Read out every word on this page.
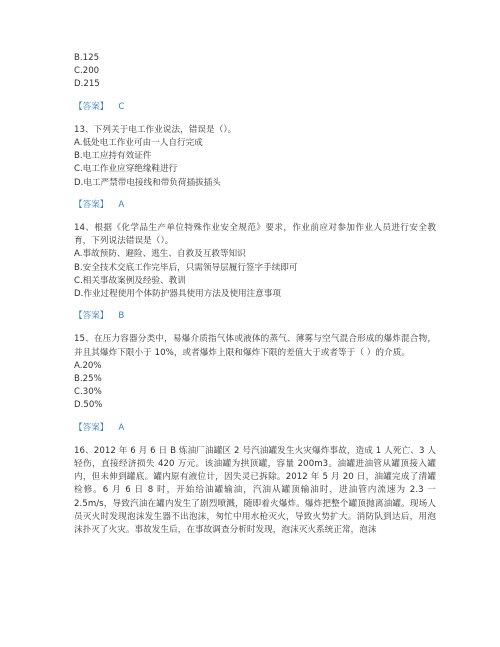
B.125

C.200

D.215

【答案】 C

13、下列关于电工作业说法，错误是（）。

A.低处电工作业可由一人自行完成

B.电工应持有效证件

C.电工作业应穿绝缘鞋进行

D.电工严禁带电接线和带负荷插拔插头

【答案】 A

14、根据《化学品生产单位特殊作业安全规范》要求，作业前应对参加作业人员进行安全教育，下列说法错误是（）。

A.事故预防、避险、逃生、自救及互救等知识

B.安全技术交底工作完毕后，只需领导层履行签字手续即可

C.相关事故案例及经验、教训

D.作业过程使用个体防护器具使用方法及使用注意事项

【答案】 B

15、在压力容器分类中，易爆介质指气体或液体的蒸气、薄雾与空气混合形成的爆炸混合物，并且其爆炸下限小于 10%，或者爆炸上限和爆炸下限的差值大于或者等于（ ）的介质。

A.20%

B.25%

C.30%

D.50%

【答案】 A

16、2012 年 6 月 6 日 B 炼油厂油罐区 2 号汽油罐发生火灾爆炸事故，造成 1 人死亡、3 人轻伤，直接经济损失 420 万元。该油罐为拱顶罐，容量 200m3。油罐进油管从罐顶接入罐内，但未伸到罐底。罐内原有液位计，因失灵已拆除。2012 年 5 月 20 日，油罐完成了清罐检修。6 月 6 日 8 时，开始给油罐输油，汽油从罐顶输油时，进油管内流速为 2.3 一 2.5m/s，导致汽油在罐内发生了剧烈喷溅，随即着火爆炸。爆炸把整个罐顶抛离油罐。现场人员灭火时发现泡沫发生器不出泡沫，匆忙中用水枪灭火，导致火势扩大。消防队到达后，用泡沫扑灭了火灾。事故发生后，在事故调查分析时发现，泡沫灭火系统正常，泡沫
